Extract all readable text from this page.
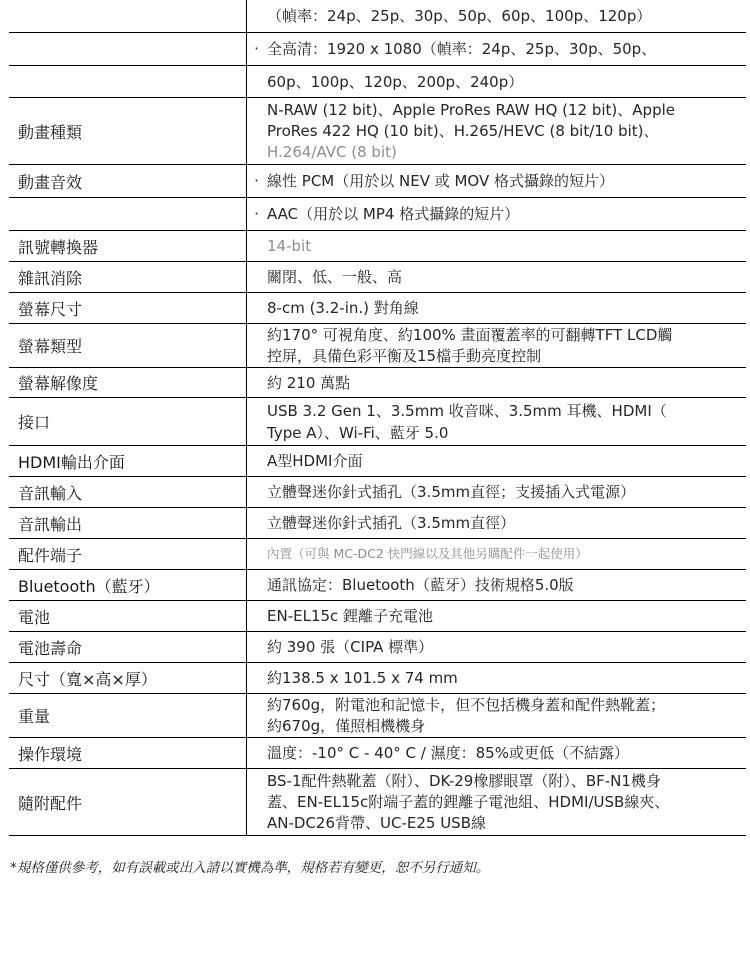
（幀率：24p、25p、30p、50p、60p、100p、120p）
· 全高清：1920 x 1080（幀率：24p、25p、30p、50p、
60p、100p、120p、200p、240p）
動畫種類
N-RAW (12 bit)、Apple ProRes RAW HQ (12 bit)、Apple
ProRes 422 HQ (10 bit)、H.265/HEVC (8 bit/10 bit)、
H.264/AVC (8 bit)
動畫音效
·	線性 PCM（用於以 NEV 或 MOV 格式攝錄的短片）
· AAC（用於以 MP4 格式攝錄的短片）
訊號轉換器	14-bit
雜訊消除	關閉、低、一般、高
螢幕尺寸	8-cm (3.2-in.) 對角線
螢幕類型
約170° 可視角度、約100% 畫面覆蓋率的可翻轉TFT LCD觸
控屏，具備色彩平衡及15檔手動亮度控制
螢幕解像度	約 210 萬點
接口
USB 3.2 Gen 1、3.5mm 收音咪、3.5mm 耳機、HDMI（
Type A）、Wi-Fi、藍牙 5.0
HDMI輸出介面	A型HDMI介面
音訊輸入	立體聲迷你針式插孔（3.5mm直徑；支援插入式電源）
音訊輸出	立體聲迷你針式插孔（3.5mm直徑）
配件端子	內置（可與 MC-DC2 快門線以及其他另購配件一起使用）
Bluetooth（藍牙）	通訊協定：Bluetooth（藍牙）技術規格5.0版
電池	EN-EL15c 鋰離子充電池
電池壽命	約 390 張（CIPA 標準）
尺寸（寬×高×厚）	約138.5 x 101.5 x 74 mm
重量
約760g，附電池和記憶卡，但不包括機身蓋和配件熱靴蓋；
約670g，僅照相機機身
操作環境	溫度：-10° C - 40° C / 濕度：85%或更低（不結露）
隨附配件
BS-1配件熱靴蓋（附）、DK-29橡膠眼罩（附）、BF-N1機身
蓋、EN-EL15c附端子蓋的鋰離子電池組、HDMI/USB線夾、
AN-DC26背帶、UC-E25 USB線
*規格僅供參考，如有誤載或出入請以實機為準，規格若有變更，恕不另行通知。
